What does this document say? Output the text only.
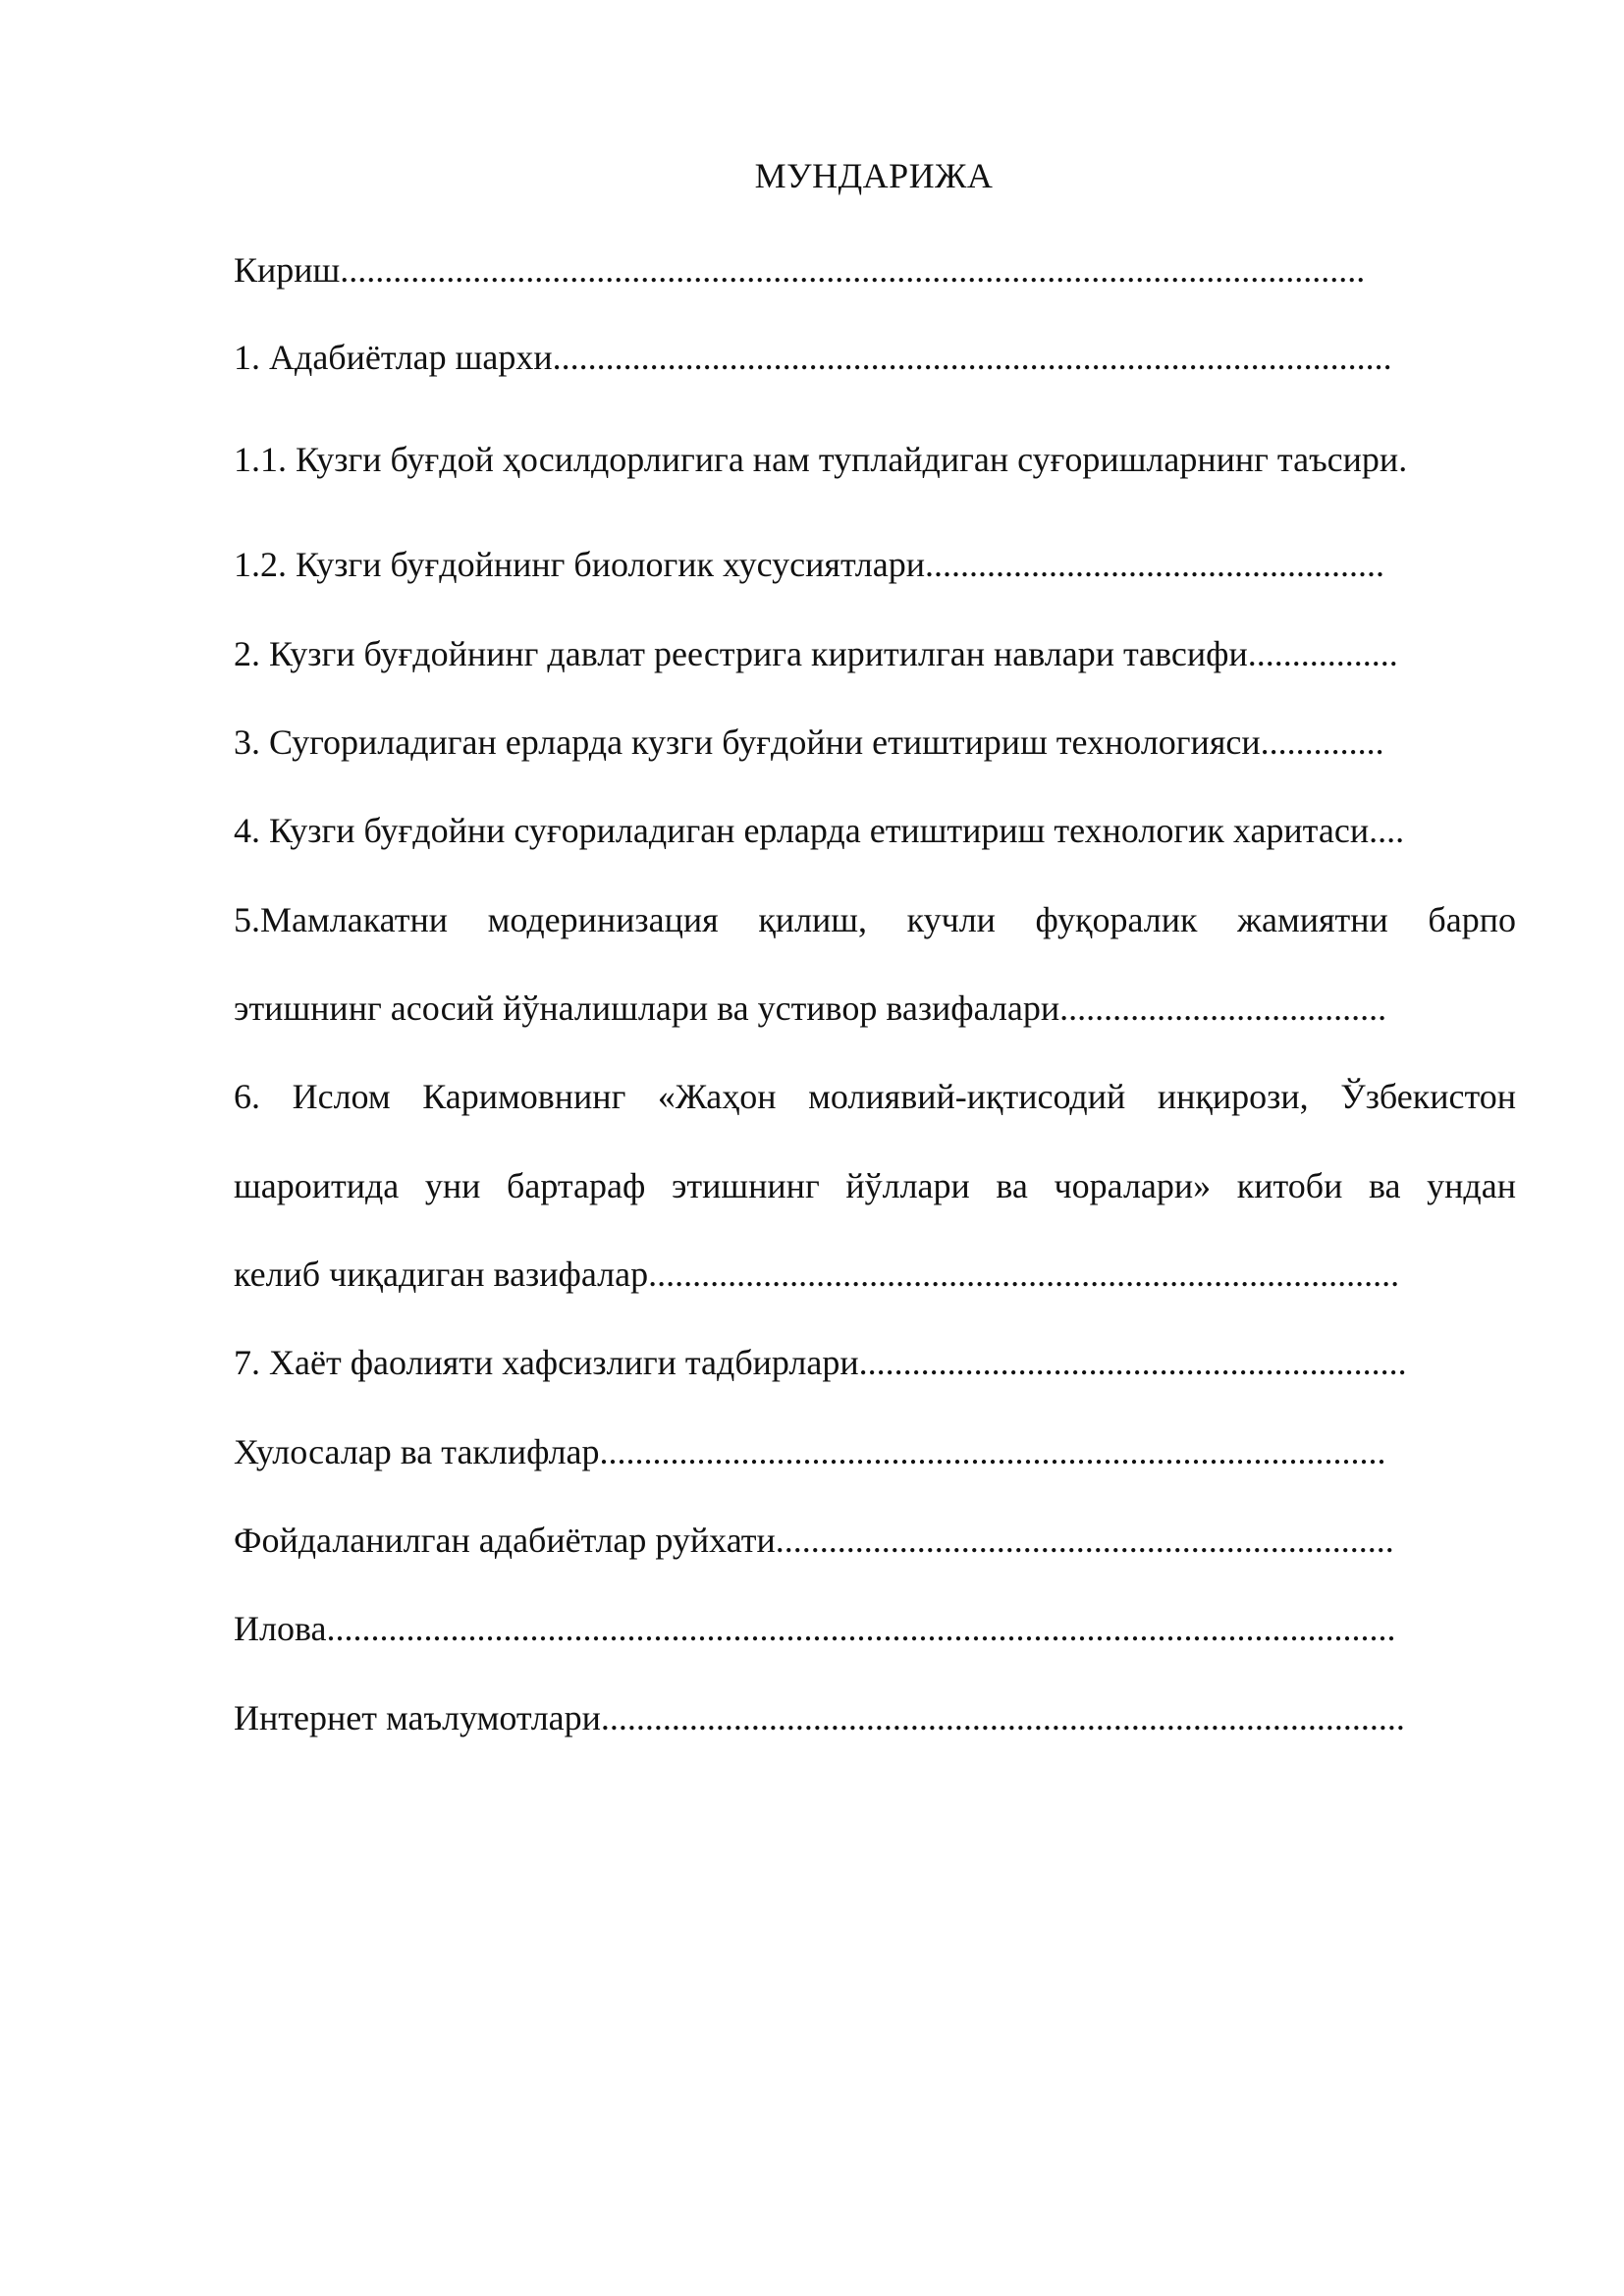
МУНДАРИЖА
Кириш....................................................................................................................
1. Адабиётлар шархи...............................................................................................
1.1. Кузги буғдой ҳосилдорлигига нам туплайдиган суғоришларнинг таъсири.
1.2. Кузги буғдойнинг биологик хусусиятлари....................................................
2. Кузги буғдойнинг давлат реестрига киритилган навлари тавсифи.................
3. Сугориладиган ерларда кузги буғдойни етиштириш технологияси..............
4. Кузги буғдойни суғориладиган ерларда етиштириш технологик харитаси....
5.Мамлакатни модеринизация қилиш, кучли фуқоралик жамиятни барпо
этишнинг асосий йўналишлари ва устивор вазифалари.....................................
6. Ислом Каримовнинг «Жаҳон молиявий-иқтисодий инқирози, Ўзбекистон
шароитида уни бартараф этишнинг йўллари ва чоралари» китоби ва ундан
келиб чиқадиган вазифалар.....................................................................................
7. Хаёт фаолияти хафсизлиги тадбирлари..............................................................
Хулосалар ва таклифлар.........................................................................................
Фойдаланилган адабиётлар руйхати......................................................................
Илова.........................................................................................................................
Интернет маълумотлари...........................................................................................
